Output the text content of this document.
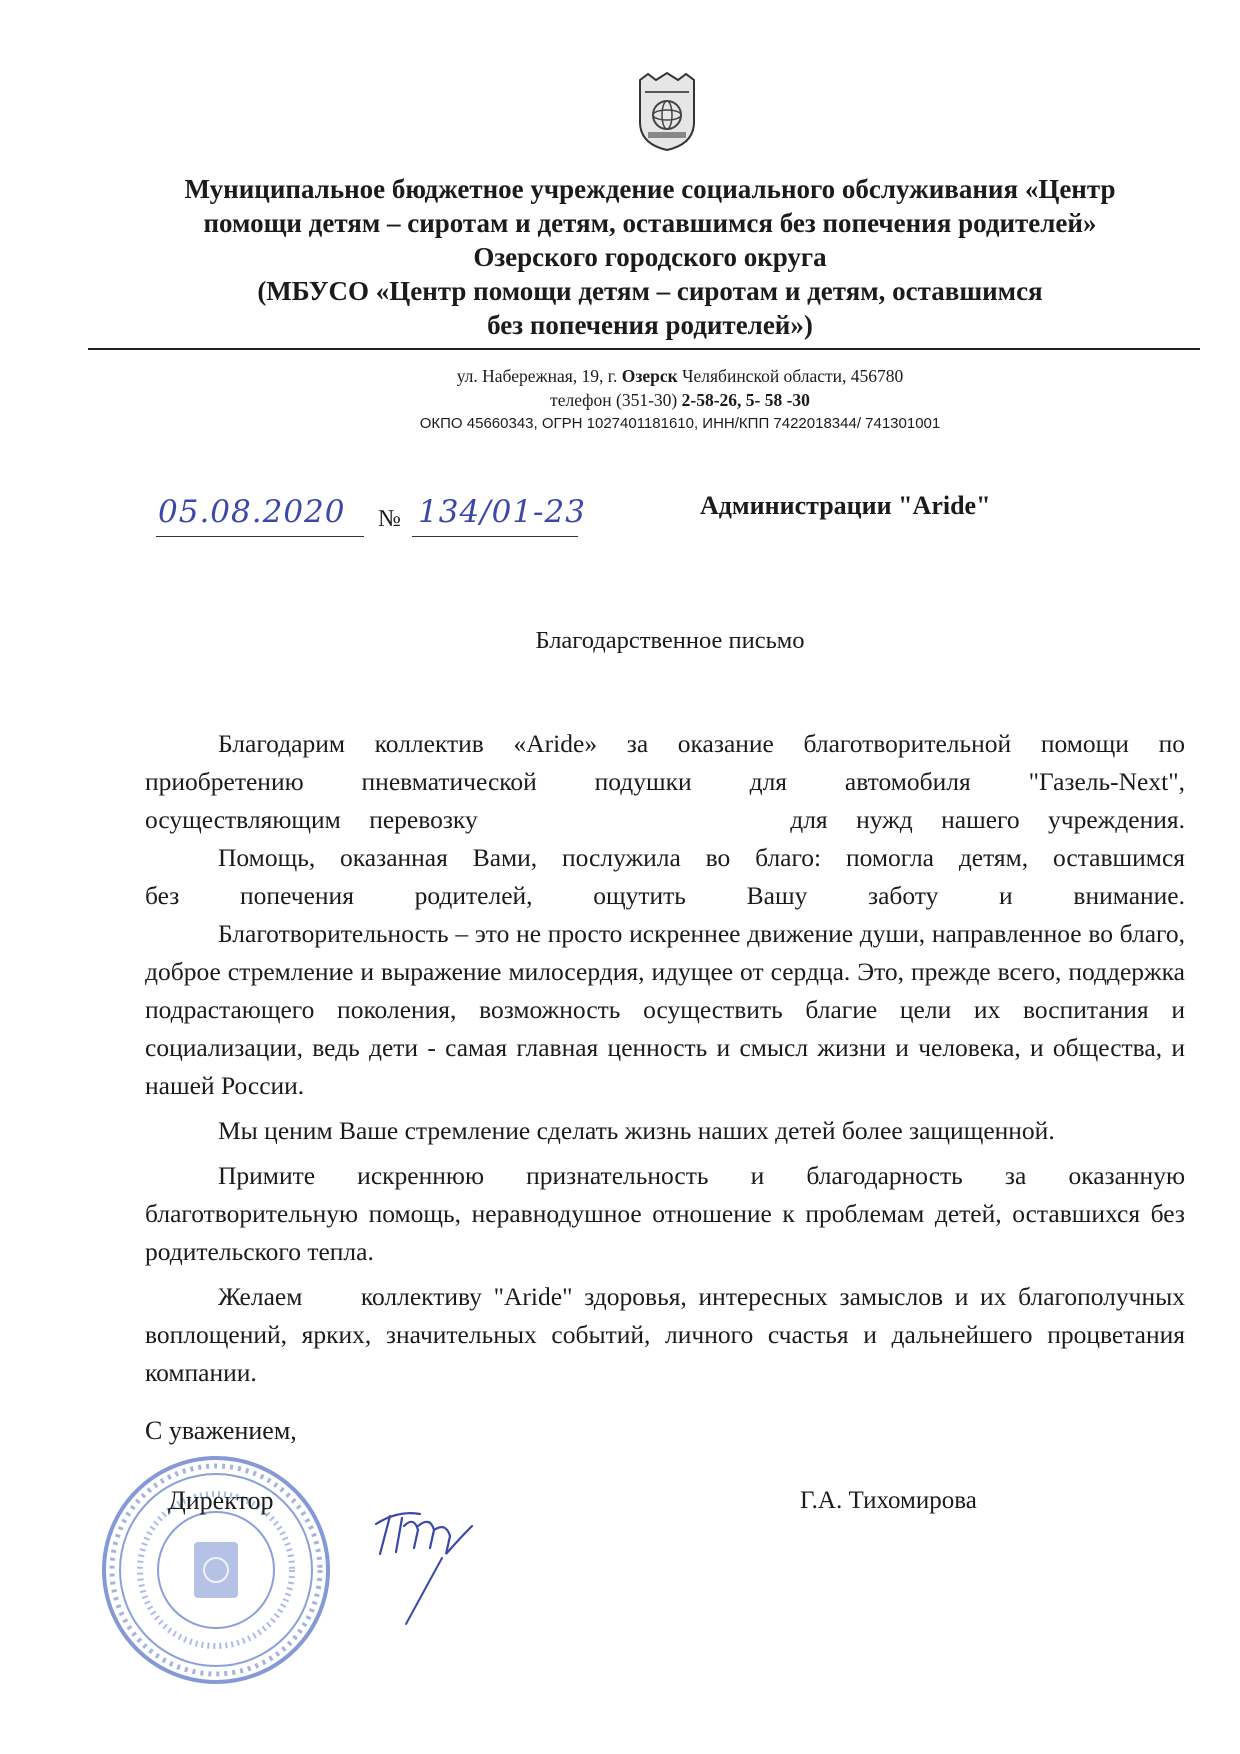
Муниципальное бюджетное учреждение социального обслуживания «Центр
помощи детям – сиротам и детям, оставшимся без попечения родителей»
Озерского городского округа
(МБУСО «Центр помощи детям – сиротам и детям, оставшимся
без попечения родителей»)
ул. Набережная, 19, г. Озерск Челябинской области, 456780
телефон (351-30) 2-58-26, 5- 58 -30
ОКПО 45660343, ОГРН 1027401181610, ИНН/КПП 7422018344/ 741301001
05.08.2020 № 134/01-23	Администрации "Aride"
Благодарственное письмо

Благодарим коллектив «Aride» за оказание благотворительной помощи по

приобретению пневматической подушки для автомобиля "Газель-Next",

осуществляющим перевозку           для нужд нашего учреждения.

Помощь, оказанная Вами, послужила во благо: помогла детям, оставшимся

без попечения родителей, ощутить Вашу заботу и внимание.

Благотворительность – это не просто искреннее движение души, направленное во благо, доброе стремление и выражение милосердия, идущее от сердца. Это, прежде всего, поддержка подрастающего поколения, возможность осуществить благие цели их воспитания и социализации, ведь дети - самая главная ценность и смысл жизни и человека, и общества, и нашей России.

Мы ценим Ваше стремление сделать жизнь наших детей более защищенной.

Примите искреннюю признательность и благодарность за оказанную благотворительную помощь, неравнодушное отношение к проблемам детей, оставшихся без родительского тепла.

Желаем     коллективу "Aride" здоровья, интересных замыслов и их благополучных воплощений, ярких, значительных событий, личного счастья и дальнейшего процветания компании.

С уважением,
Директор	Г.А. Тихомирова
